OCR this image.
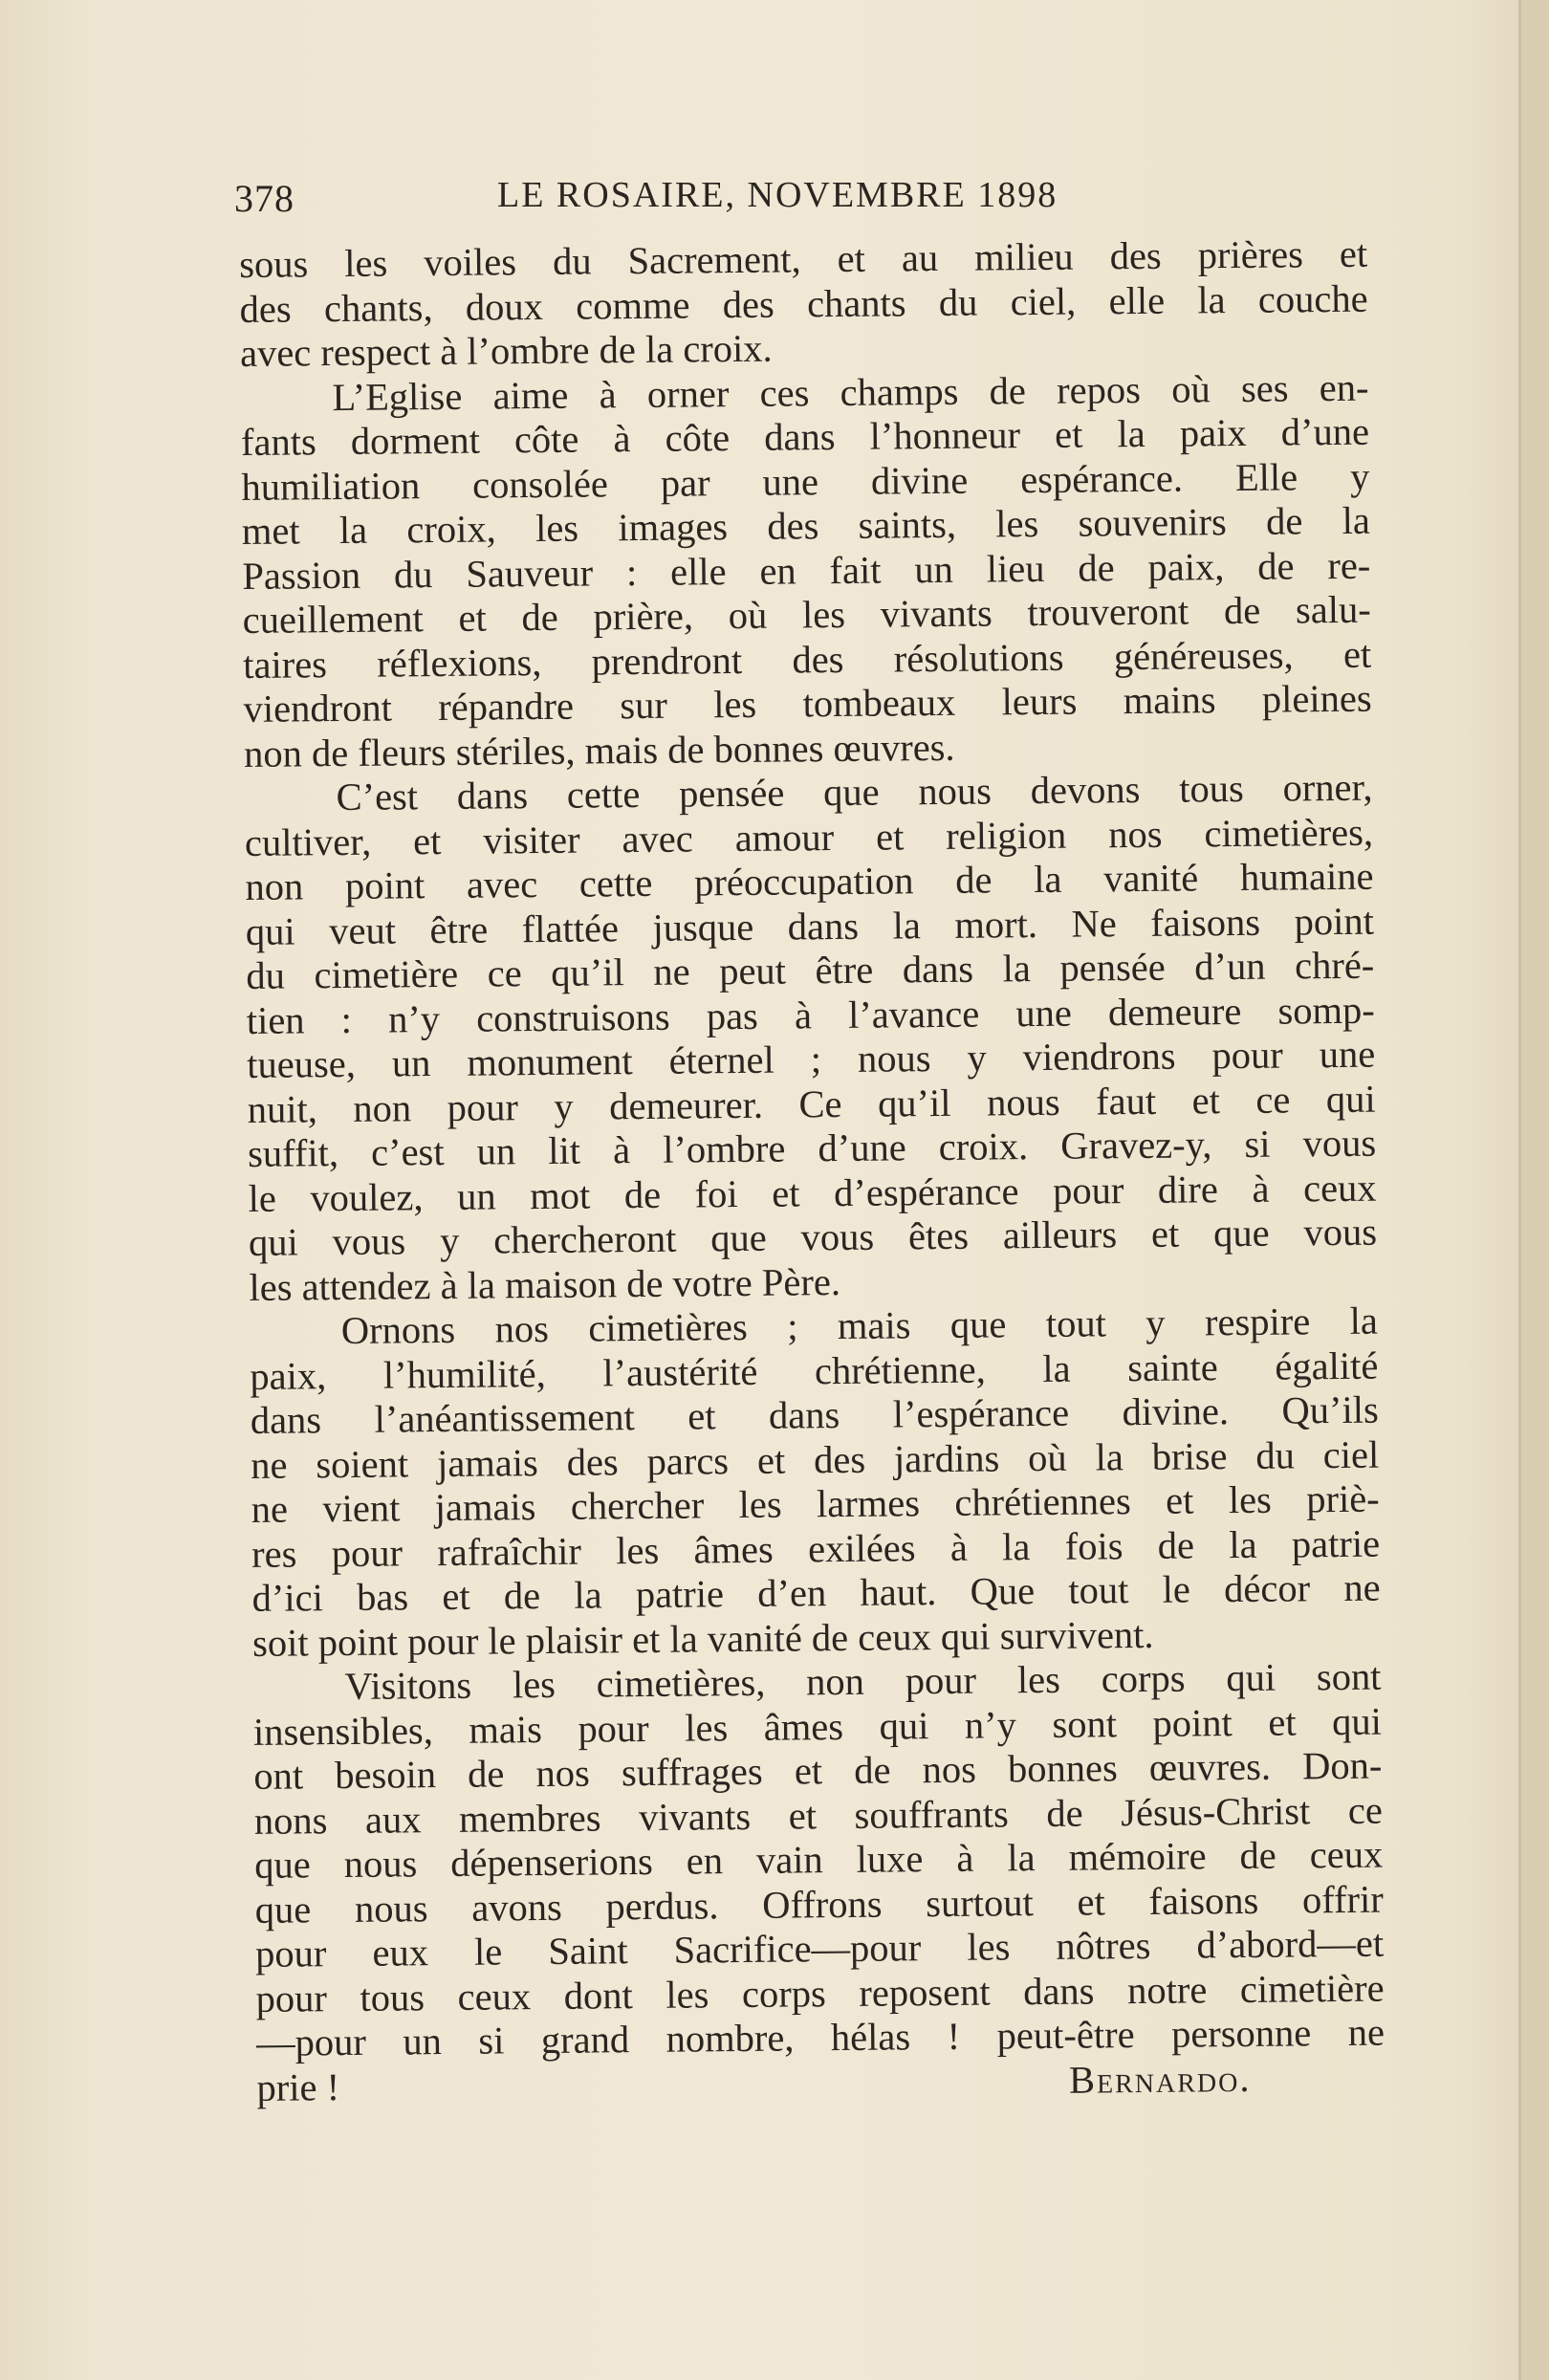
378	LE ROSAIRE, NOVEMBRE 1898
sous les voiles du Sacrement, et au milieu des prières et
des chants, doux comme des chants du ciel, elle la couche
avec respect à l’ombre de la croix.
L’Eglise aime à orner ces champs de repos où ses en-
fants dorment côte à côte dans l’honneur et la paix d’une
humiliation consolée par une divine espérance. Elle y
met la croix, les images des saints, les souvenirs de la
Passion du Sauveur : elle en fait un lieu de paix, de re-
cueillement et de prière, où les vivants trouveront de salu-
taires réflexions, prendront des résolutions généreuses, et
viendront répandre sur les tombeaux leurs mains pleines
non de fleurs stériles, mais de bonnes œuvres.
C’est dans cette pensée que nous devons tous orner,
cultiver, et visiter avec amour et religion nos cimetières,
non point avec cette préoccupation de la vanité humaine
qui veut être flattée jusque dans la mort. Ne faisons point
du cimetière ce qu’il ne peut être dans la pensée d’un chré-
tien : n’y construisons pas à l’avance une demeure somp-
tueuse, un monument éternel ; nous y viendrons pour une
nuit, non pour y demeurer. Ce qu’il nous faut et ce qui
suffit, c’est un lit à l’ombre d’une croix. Gravez-y, si vous
le voulez, un mot de foi et d’espérance pour dire à ceux
qui vous y chercheront que vous êtes ailleurs et que vous
les attendez à la maison de votre Père.
Ornons nos cimetières ; mais que tout y respire la
paix, l’humilité, l’austérité chrétienne, la sainte égalité
dans l’anéantissement et dans l’espérance divine. Qu’ils
ne soient jamais des parcs et des jardins où la brise du ciel
ne vient jamais chercher les larmes chrétiennes et les priè-
res pour rafraîchir les âmes exilées à la fois de la patrie
d’ici bas et de la patrie d’en haut. Que tout le décor ne
soit point pour le plaisir et la vanité de ceux qui survivent.
Visitons les cimetières, non pour les corps qui sont
insensibles, mais pour les âmes qui n’y sont point et qui
ont besoin de nos suffrages et de nos bonnes œuvres. Don-
nons aux membres vivants et souffrants de Jésus-Christ ce
que nous dépenserions en vain luxe à la mémoire de ceux
que nous avons perdus. Offrons surtout et faisons offrir
pour eux le Saint Sacrifice—pour les nôtres d’abord—et
pour tous ceux dont les corps reposent dans notre cimetière
—pour un si grand nombre, hélas ! peut-être personne ne
prie !	Bernardo.
